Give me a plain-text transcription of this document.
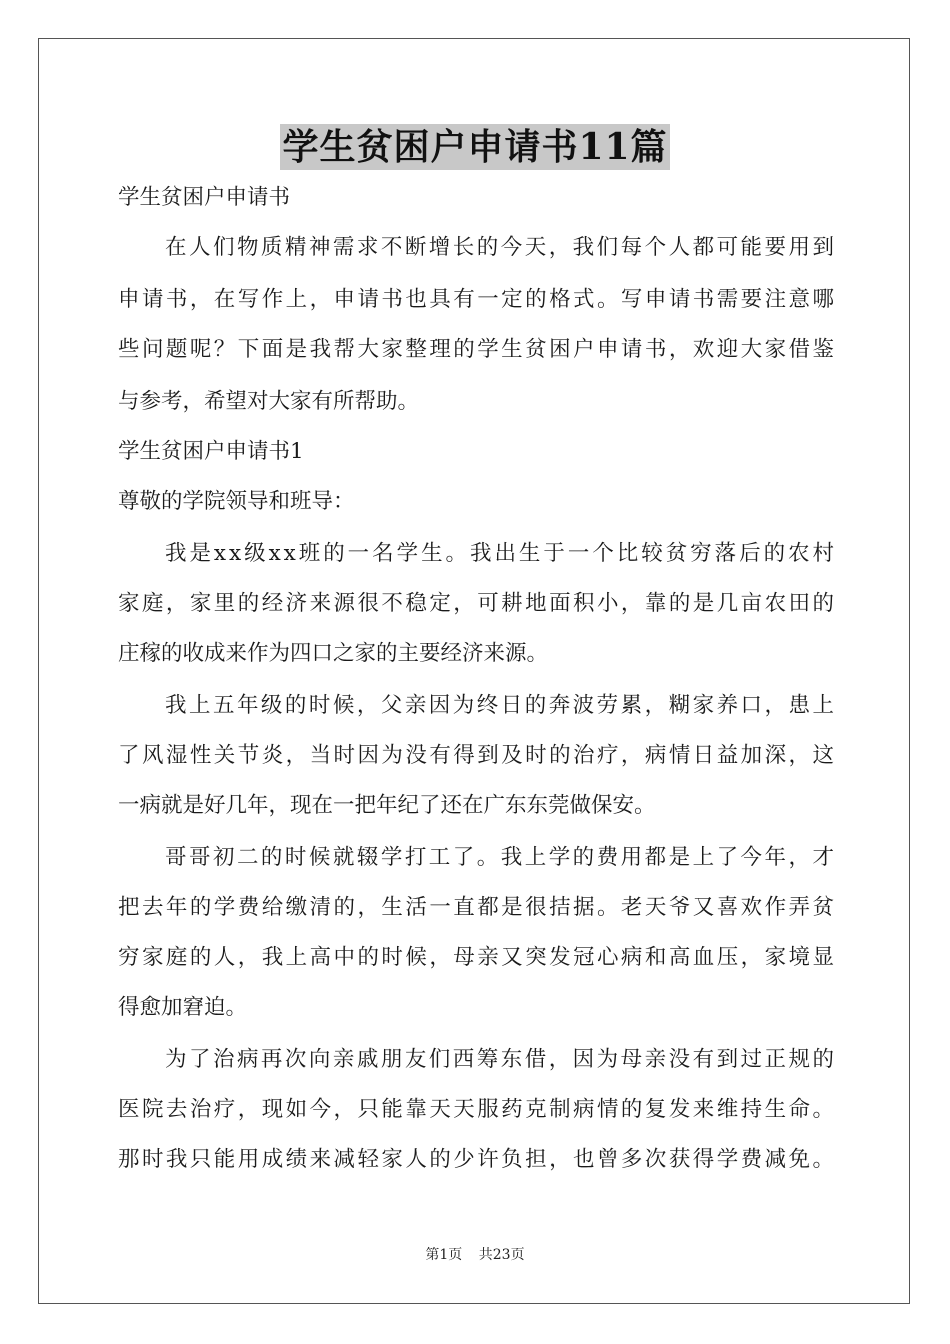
学生贫困户申请书11篇
学生贫困户申请书
在人们物质精神需求不断增长的今天，我们每个人都可能要用到
申请书，在写作上，申请书也具有一定的格式。写申请书需要注意哪
些问题呢？下面是我帮大家整理的学生贫困户申请书，欢迎大家借鉴
与参考，希望对大家有所帮助。
学生贫困户申请书1
尊敬的学院领导和班导：
我是xx级xx班的一名学生。我出生于一个比较贫穷落后的农村
家庭，家里的经济来源很不稳定，可耕地面积小，靠的是几亩农田的
庄稼的收成来作为四口之家的主要经济来源。
我上五年级的时候，父亲因为终日的奔波劳累，糊家养口，患上
了风湿性关节炎，当时因为没有得到及时的治疗，病情日益加深，这
一病就是好几年，现在一把年纪了还在广东东莞做保安。
哥哥初二的时候就辍学打工了。我上学的费用都是上了今年，才
把去年的学费给缴清的，生活一直都是很拮据。老天爷又喜欢作弄贫
穷家庭的人，我上高中的时候，母亲又突发冠心病和高血压，家境显
得愈加窘迫。
为了治病再次向亲戚朋友们西筹东借，因为母亲没有到过正规的
医院去治疗，现如今，只能靠天天服药克制病情的复发来维持生命。
那时我只能用成绩来减轻家人的少许负担，也曾多次获得学费减免。
第1页 共23页
